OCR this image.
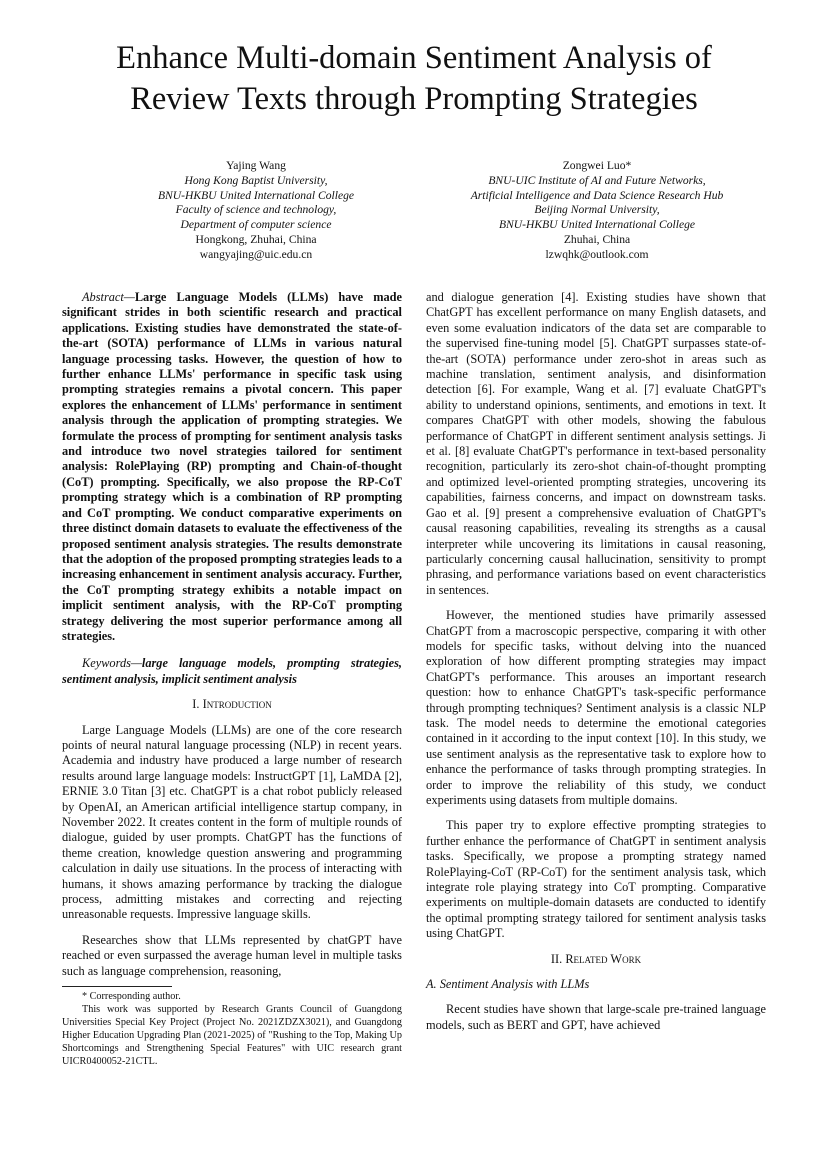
Enhance Multi-domain Sentiment Analysis of
Review Texts through Prompting Strategies
Yajing Wang
Hong Kong Baptist University,
BNU-HKBU United International College
Faculty of science and technology,
Department of computer science
Hongkong, Zhuhai, China
wangyajing@uic.edu.cn
Zongwei Luo*
BNU-UIC Institute of AI and Future Networks,
Artificial Intelligence and Data Science Research Hub
Beijing Normal University,
BNU-HKBU United International College
Zhuhai, China
lzwqhk@outlook.com

Abstract—Large Language Models (LLMs) have made significant strides in both scientific research and practical applications. Existing studies have demonstrated the state-of-the-art (SOTA) performance of LLMs in various natural language processing tasks. However, the question of how to further enhance LLMs' performance in specific task using prompting strategies remains a pivotal concern. This paper explores the enhancement of LLMs' performance in sentiment analysis through the application of prompting strategies. We formulate the process of prompting for sentiment analysis tasks and introduce two novel strategies tailored for sentiment analysis: RolePlaying (RP) prompting and Chain-of-thought (CoT) prompting. Specifically, we also propose the RP-CoT prompting strategy which is a combination of RP prompting and CoT prompting. We conduct comparative experiments on three distinct domain datasets to evaluate the effectiveness of the proposed sentiment analysis strategies. The results demonstrate that the adoption of the proposed prompting strategies leads to a increasing enhancement in sentiment analysis accuracy. Further, the CoT prompting strategy exhibits a notable impact on implicit sentiment analysis, with the RP-CoT prompting strategy delivering the most superior performance among all strategies.

Keywords—large language models, prompting strategies, sentiment analysis, implicit sentiment analysis

I. Introduction

Large Language Models (LLMs) are one of the core research points of neural natural language processing (NLP) in recent years. Academia and industry have produced a large number of research results around large language models: InstructGPT [1], LaMDA [2], ERNIE 3.0 Titan [3] etc. ChatGPT is a chat robot publicly released by OpenAI, an American artificial intelligence startup company, in November 2022. It creates content in the form of multiple rounds of dialogue, guided by user prompts. ChatGPT has the functions of theme creation, knowledge question answering and programming calculation in daily use situations. In the process of interacting with humans, it shows amazing performance by tracking the dialogue process, admitting mistakes and correcting and rejecting unreasonable requests. Impressive language skills.

Researches show that LLMs represented by chatGPT have reached or even surpassed the average human level in multiple tasks such as language comprehension, reasoning,

* Corresponding author.

This work was supported by Research Grants Council of Guangdong Universities Special Key Project (Project No. 2021ZDZX3021), and Guangdong Higher Education Upgrading Plan (2021-2025) of "Rushing to the Top, Making Up Shortcomings and Strengthening Special Features" with UIC research grant UICR0400052-21CTL.

and dialogue generation [4]. Existing studies have shown that ChatGPT has excellent performance on many English datasets, and even some evaluation indicators of the data set are comparable to the supervised fine-tuning model [5]. ChatGPT surpasses state-of-the-art (SOTA) performance under zero-shot in areas such as machine translation, sentiment analysis, and disinformation detection [6]. For example, Wang et al. [7] evaluate ChatGPT's ability to understand opinions, sentiments, and emotions in text. It compares ChatGPT with other models, showing the fabulous performance of ChatGPT in different sentiment analysis settings. Ji et al. [8] evaluate ChatGPT's performance in text-based personality recognition, particularly its zero-shot chain-of-thought prompting and optimized level-oriented prompting strategies, uncovering its capabilities, fairness concerns, and impact on downstream tasks. Gao et al. [9] present a comprehensive evaluation of ChatGPT's causal reasoning capabilities, revealing its strengths as a causal interpreter while uncovering its limitations in causal reasoning, particularly concerning causal hallucination, sensitivity to prompt phrasing, and performance variations based on event characteristics in sentences.

However, the mentioned studies have primarily assessed ChatGPT from a macroscopic perspective, comparing it with other models for specific tasks, without delving into the nuanced exploration of how different prompting strategies may impact ChatGPT's performance. This arouses an important research question: how to enhance ChatGPT's task-specific performance through prompting techniques? Sentiment analysis is a classic NLP task. The model needs to determine the emotional categories contained in it according to the input context [10]. In this study, we use sentiment analysis as the representative task to explore how to enhance the performance of tasks through prompting strategies. In order to improve the reliability of this study, we conduct experiments using datasets from multiple domains.

This paper try to explore effective prompting strategies to further enhance the performance of ChatGPT in sentiment analysis tasks. Specifically, we propose a prompting strategy named RolePlaying-CoT (RP-CoT) for the sentiment analysis task, which integrate role playing strategy into CoT prompting. Comparative experiments on multiple-domain datasets are conducted to identify the optimal prompting strategy tailored for sentiment analysis tasks using ChatGPT.

II. Related Work

A. Sentiment Analysis with LLMs

Recent studies have shown that large-scale pre-trained language models, such as BERT and GPT, have achieved
